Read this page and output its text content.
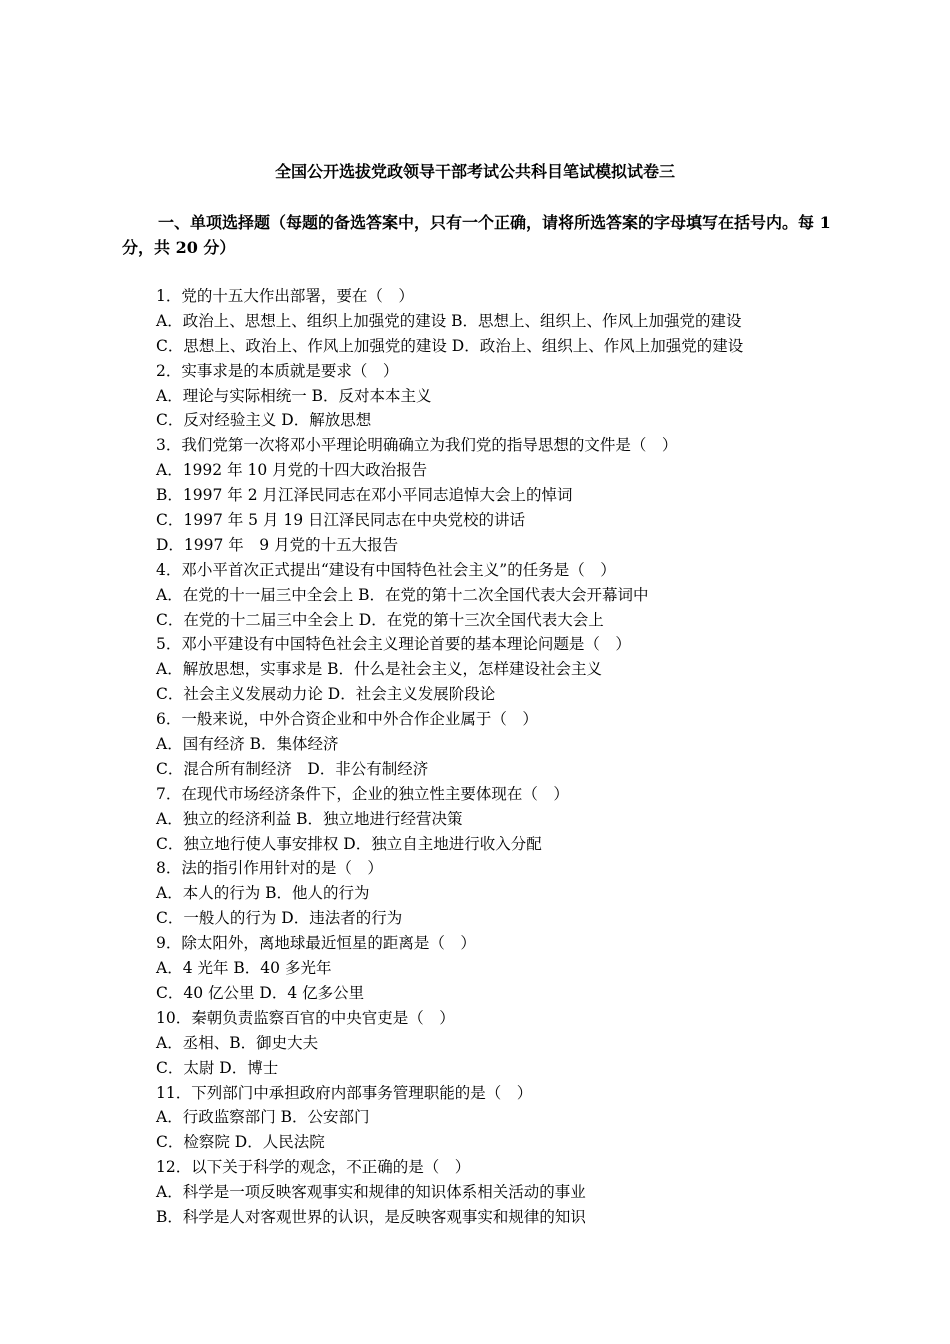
全国公开选拔党政领导干部考试公共科目笔试模拟试卷三

一、单项选择题（每题的备选答案中，只有一个正确，请将所选答案的字母填写在括号内。每 1 分，共 20 分）

1．党的十五大作出部署，要在（　）
A．政治上、思想上、组织上加强党的建设 B．思想上、组织上、作风上加强党的建设
C．思想上、政治上、作风上加强党的建设 D．政治上、组织上、作风上加强党的建设
2．实事求是的本质就是要求（　）
A．理论与实际相统一 B．反对本本主义
C．反对经验主义 D．解放思想
3．我们党第一次将邓小平理论明确确立为我们党的指导思想的文件是（　）
A．1992 年 10 月党的十四大政治报告
B．1997 年 2 月江泽民同志在邓小平同志追悼大会上的悼词
C．1997 年 5 月 19 日江泽民同志在中央党校的讲话
D．1997 年　9 月党的十五大报告
4．邓小平首次正式提出“建设有中国特色社会主义”的任务是（　）
A．在党的十一届三中全会上 B．在党的第十二次全国代表大会开幕词中
C．在党的十二届三中全会上 D．在党的第十三次全国代表大会上
5．邓小平建设有中国特色社会主义理论首要的基本理论问题是（　）
A．解放思想，实事求是 B．什么是社会主义，怎样建设社会主义
C．社会主义发展动力论 D．社会主义发展阶段论
6．一般来说，中外合资企业和中外合作企业属于（　）
A．国有经济 B．集体经济
C．混合所有制经济　D．非公有制经济
7．在现代市场经济条件下，企业的独立性主要体现在（　）
A．独立的经济利益 B．独立地进行经营决策
C．独立地行使人事安排权 D．独立自主地进行收入分配
8．法的指引作用针对的是（　）
A．本人的行为 B．他人的行为
C．一般人的行为 D．违法者的行为
9．除太阳外，离地球最近恒星的距离是（　）
A．4 光年 B．40 多光年
C．40 亿公里 D．4 亿多公里
10．秦朝负责监察百官的中央官吏是（　）
A．丞相、B．御史大夫
C．太尉 D．博士
11．下列部门中承担政府内部事务管理职能的是（　）
A．行政监察部门 B．公安部门
C．检察院 D．人民法院
12．以下关于科学的观念，不正确的是（　）
A．科学是一项反映客观事实和规律的知识体系相关活动的事业
B．科学是人对客观世界的认识，是反映客观事实和规律的知识
